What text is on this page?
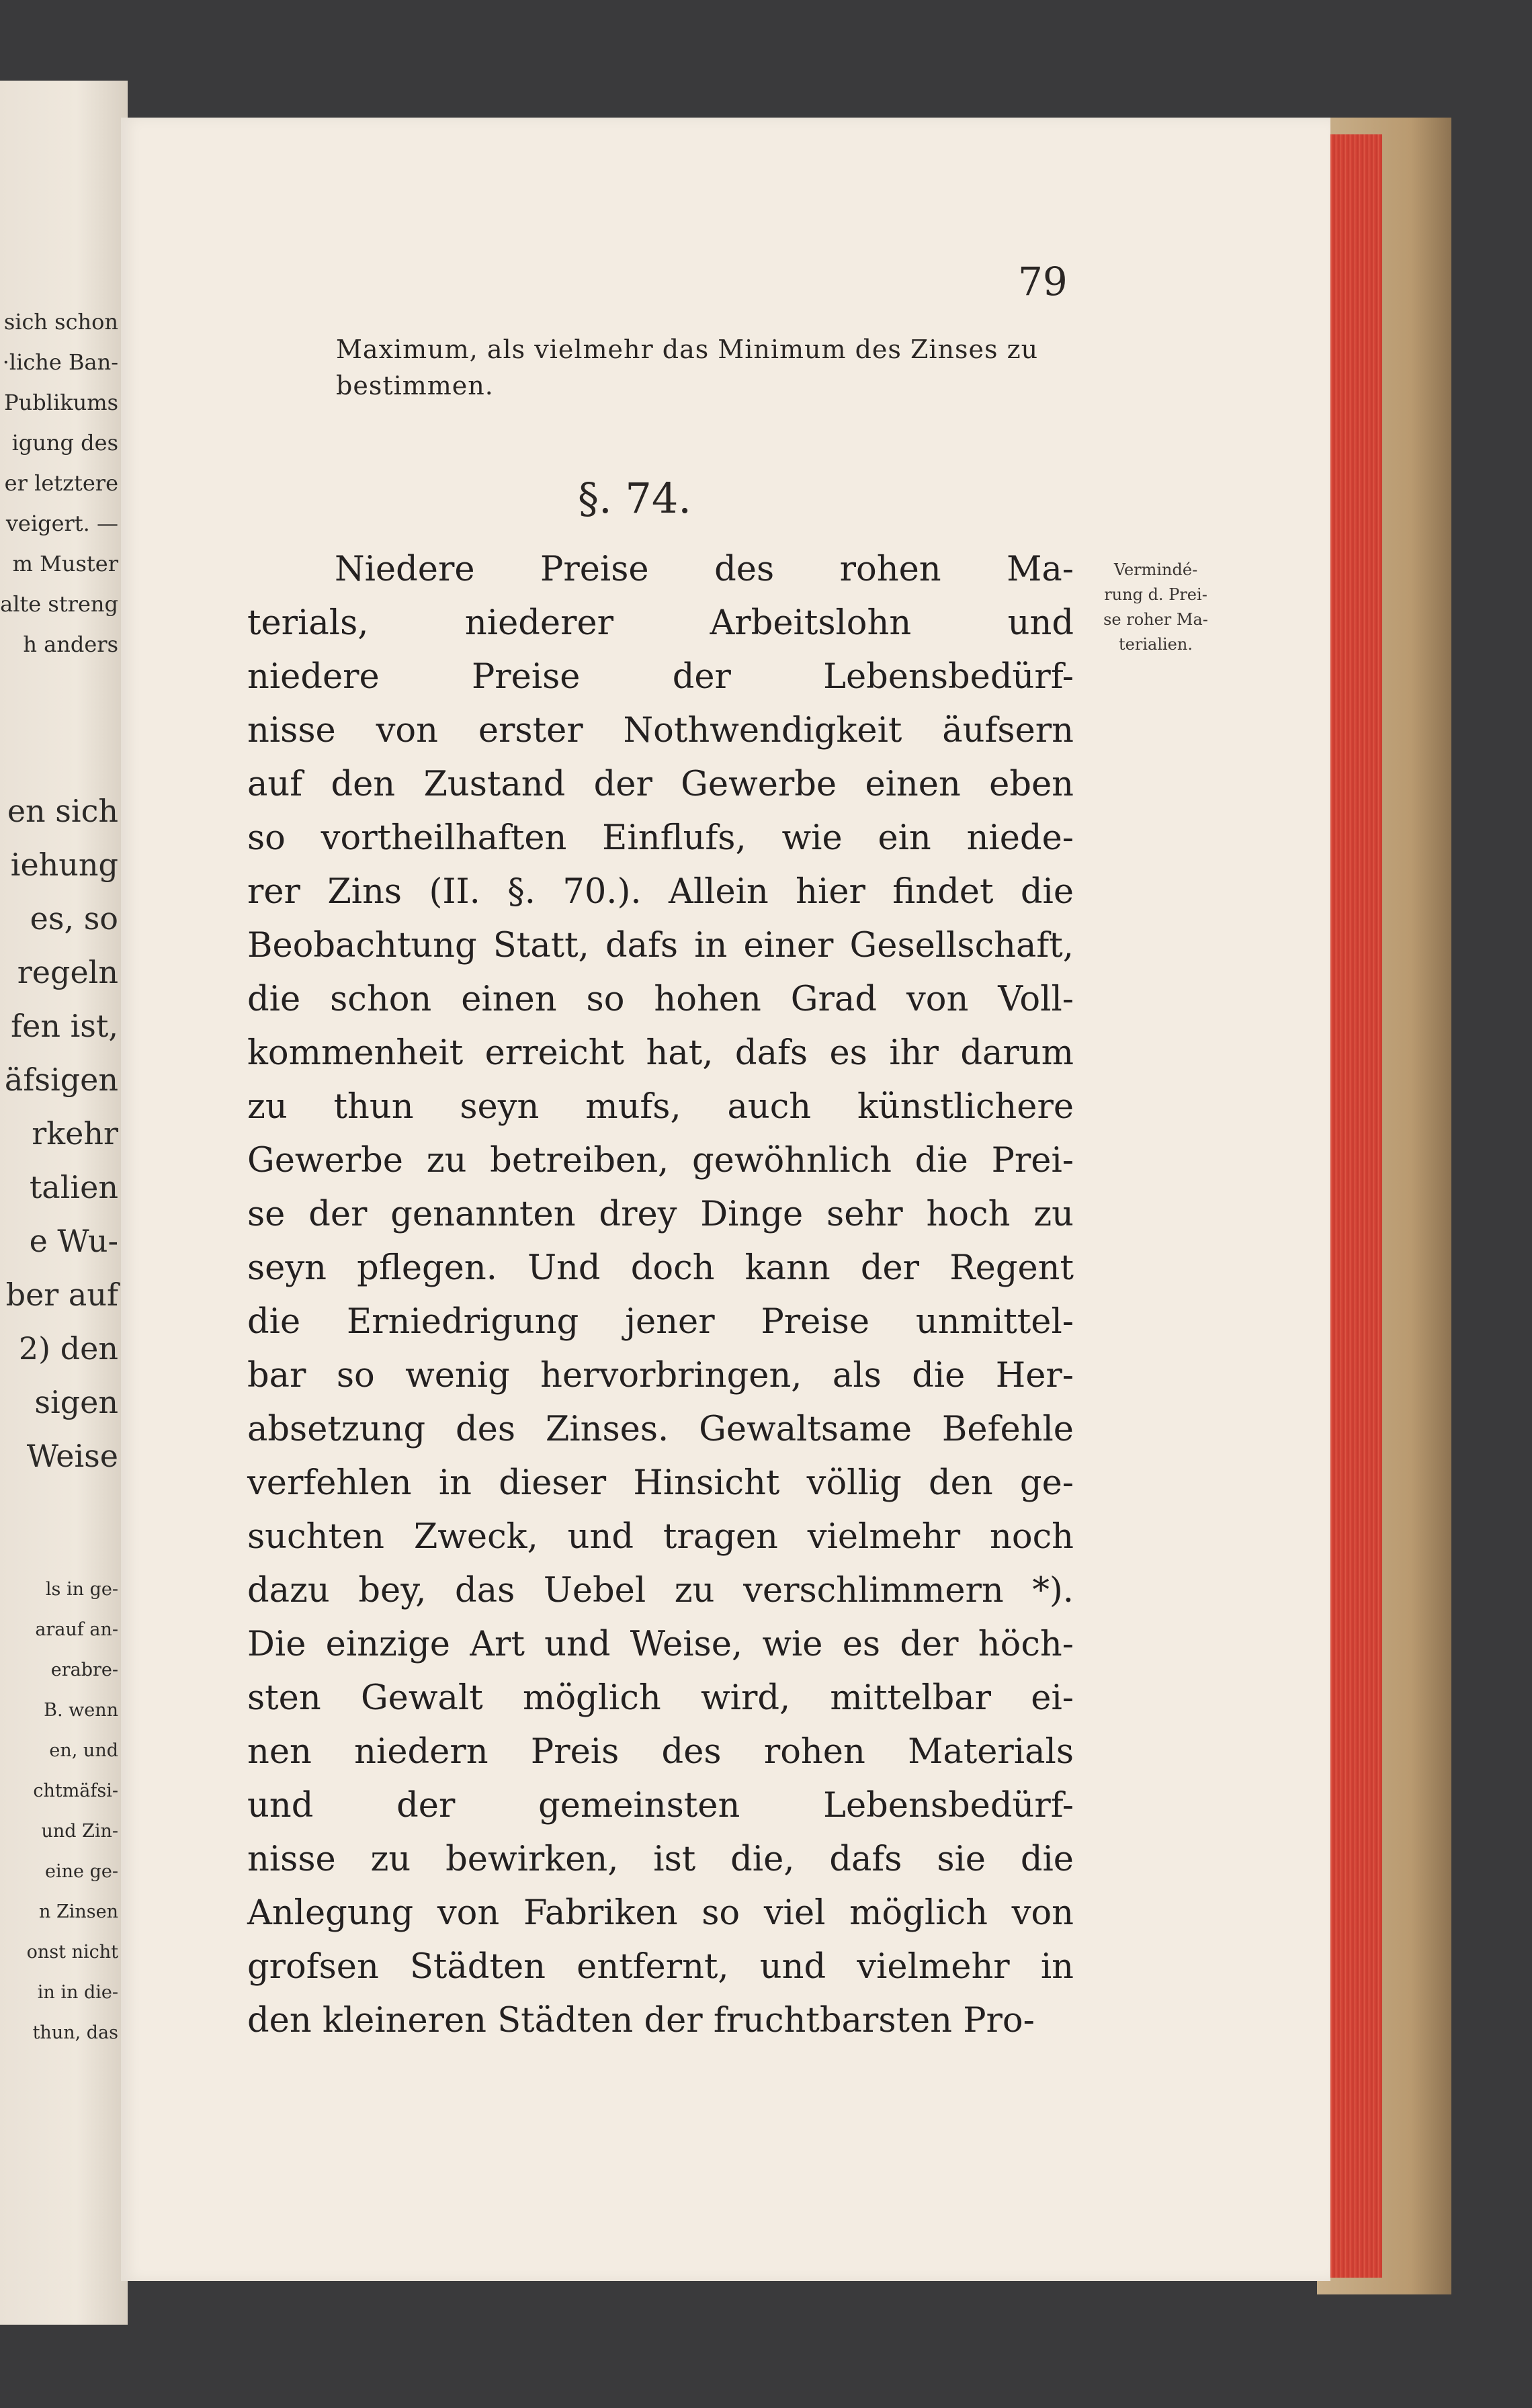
sich schon
·liche Ban-
Publikums
igung des
er letztere
veigert. —
m Muster
alte streng
h anders
en sich
iehung
es, so
regeln
fen ist,
äfsigen
rkehr
talien
e Wu-
ber auf
2) den
sigen
Weise
ls in ge-
arauf an-
erabre-
B. wenn
en, und
chtmäfsi-
und Zin-
eine ge-
n Zinsen
onst nicht
in in die-
thun, das
79
Maximum, als vielmehr das Minimum des Zinses zu bestimmen.
§. 74.
Vermindé-
rung d. Prei-
se roher Ma-
terialien.
Niedere Preise des rohen Ma-
terials, niederer Arbeitslohn und
niedere Preise der Lebensbedürf-
nisse von erster Nothwendigkeit äufsern
auf den Zustand der Gewerbe einen eben
so vortheilhaften Einflufs, wie ein niede-
rer Zins (II. §. 70.). Allein hier findet die
Beobachtung Statt, dafs in einer Gesellschaft,
die schon einen so hohen Grad von Voll-
kommenheit erreicht hat, dafs es ihr darum
zu thun seyn mufs, auch künstlichere
Gewerbe zu betreiben, gewöhnlich die Prei-
se der genannten drey Dinge sehr hoch zu
seyn pflegen. Und doch kann der Regent
die Erniedrigung jener Preise unmittel-
bar so wenig hervorbringen, als die Her-
absetzung des Zinses. Gewaltsame Befehle
verfehlen in dieser Hinsicht völlig den ge-
suchten Zweck, und tragen vielmehr noch
dazu bey, das Uebel zu verschlimmern *).
Die einzige Art und Weise, wie es der höch-
sten Gewalt möglich wird, mittelbar ei-
nen niedern Preis des rohen Materials
und der gemeinsten Lebensbedürf-
nisse zu bewirken, ist die, dafs sie die
Anlegung von Fabriken so viel möglich von
grofsen Städten entfernt, und vielmehr in
den kleineren Städten der fruchtbarsten Pro-
